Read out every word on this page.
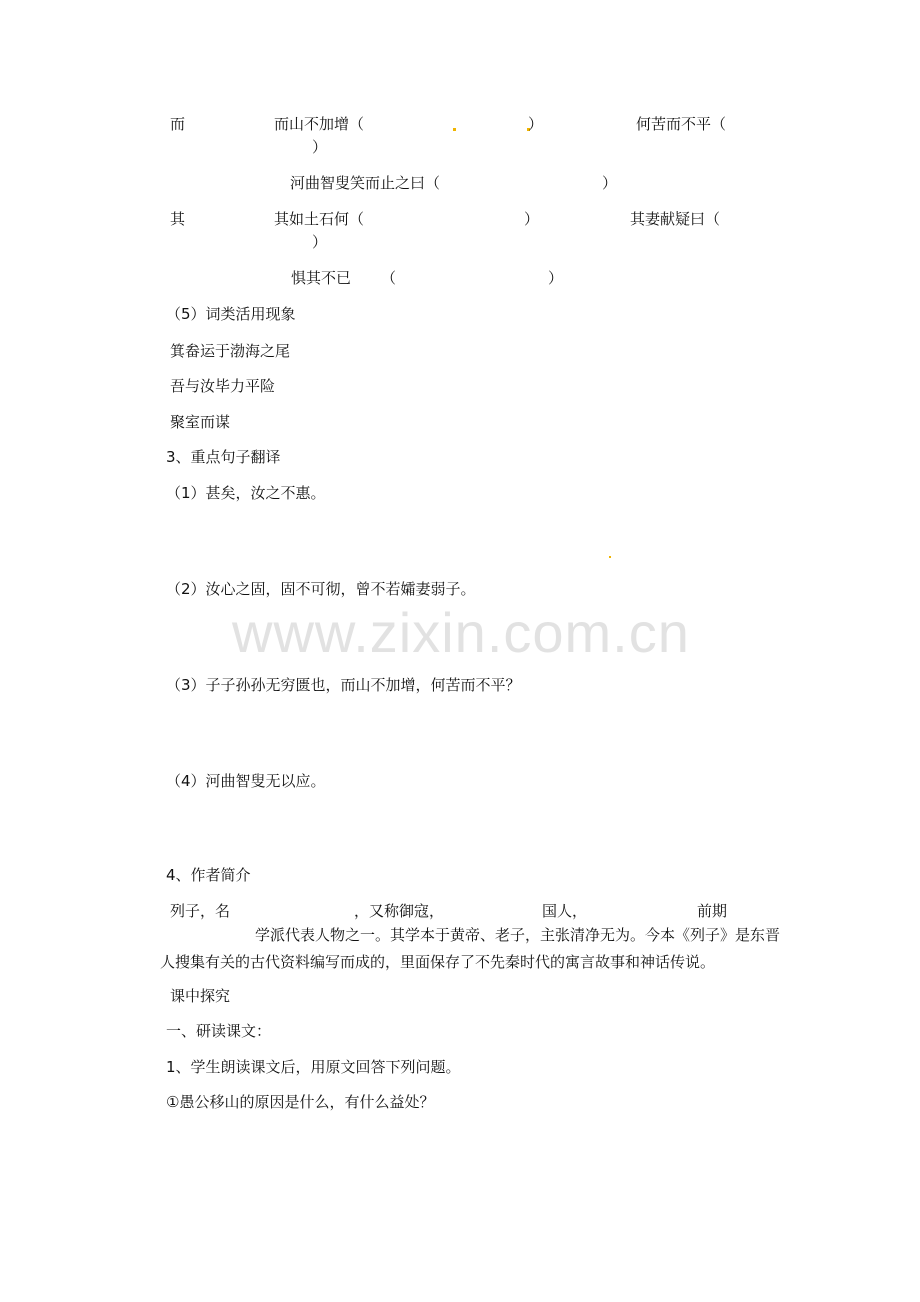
www.zixin.com.cn
而	而山不加增（	）	何苦而不平（
）
河曲智叟笑而止之曰（	）
其	其如土石何（	）	其妻献疑曰（
）
惧其不已 （	）
（5）词类活用现象
箕畚运于渤海之尾
吾与汝毕力平险
聚室而谋
3、重点句子翻译
（1）甚矣，汝之不惠。
（2）汝心之固，固不可彻，曾不若孀妻弱子。
（3）子子孙孙无穷匮也，而山不加增，何苦而不平？
（4）河曲智叟无以应。
4、作者简介
列子，名	，又称御寇，	国人，	前期
学派代表人物之一。其学本于黄帝、老子，主张清净无为。今本《列子》是东晋人搜集有关的古代资料编写而成的，里面保存了不先秦时代的寓言故事和神话传说。
课中探究
一、研读课文：
1、学生朗读课文后，用原文回答下列问题。
①愚公移山的原因是什么，有什么益处？
